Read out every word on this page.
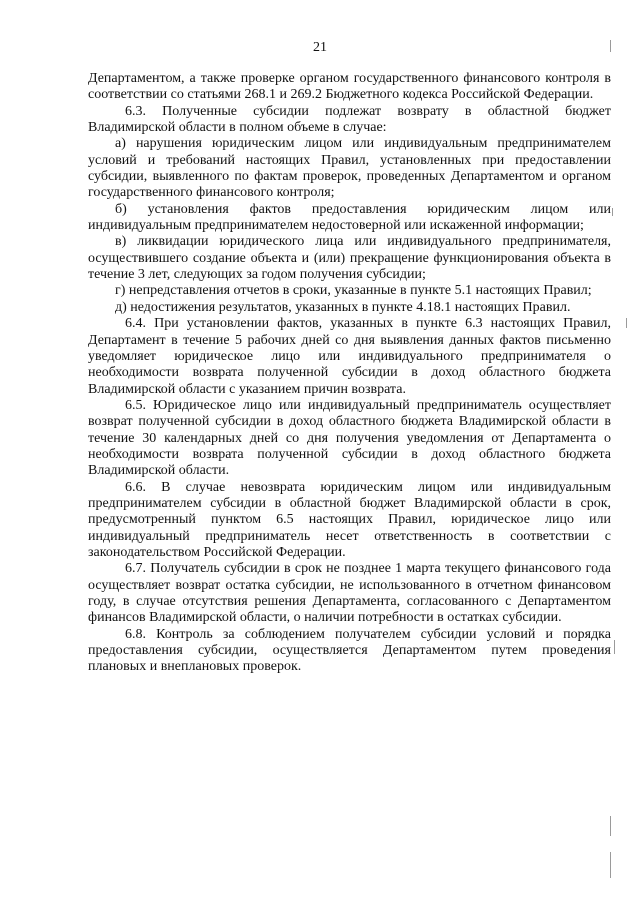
21

Департаментом, а также проверке органом государственного финансового контроля в соответствии со статьями 268.1 и 269.2 Бюджетного кодекса Российской Федерации.

6.3. Полученные субсидии подлежат возврату в областной бюджет Владимирской области в полном объеме в случае:

а) нарушения юридическим лицом или индивидуальным предпринимателем условий и требований настоящих Правил, установленных при предоставлении субсидии, выявленного по фактам проверок, проведенных Департаментом и органом государственного финансового контроля;

б) установления фактов предоставления юридическим лицом или индивидуальным предпринимателем недостоверной или искаженной информации;

в) ликвидации юридического лица или индивидуального предпринимателя, осуществившего создание объекта и (или) прекращение функционирования объекта в течение 3 лет, следующих за годом получения субсидии;

г) непредставления отчетов в сроки, указанные в пункте 5.1 настоящих Правил;

д) недостижения результатов, указанных в пункте 4.18.1 настоящих Правил.

6.4. При установлении фактов, указанных в пункте 6.3 настоящих Правил, Департамент в течение 5 рабочих дней со дня выявления данных фактов письменно уведомляет юридическое лицо или индивидуального предпринимателя о необходимости возврата полученной субсидии в доход областного бюджета Владимирской области с указанием причин возврата.

6.5. Юридическое лицо или индивидуальный предприниматель осуществляет возврат полученной субсидии в доход областного бюджета Владимирской области в течение 30 календарных дней со дня получения уведомления от Департамента о необходимости возврата полученной субсидии в доход областного бюджета Владимирской области.

6.6. В случае невозврата юридическим лицом или индивидуальным предпринимателем субсидии в областной бюджет Владимирской области в срок, предусмотренный пунктом 6.5 настоящих Правил, юридическое лицо или индивидуальный предприниматель несет ответственность в соответствии с законодательством Российской Федерации.

6.7. Получатель субсидии в срок не позднее 1 марта текущего финансового года осуществляет возврат остатка субсидии, не использованного в отчетном финансовом году, в случае отсутствия решения Департамента, согласованного с Департаментом финансов Владимирской области, о наличии потребности в остатках субсидии.

6.8. Контроль за соблюдением получателем субсидии условий и порядка предоставления субсидии, осуществляется Департаментом путем проведения плановых и внеплановых проверок.
